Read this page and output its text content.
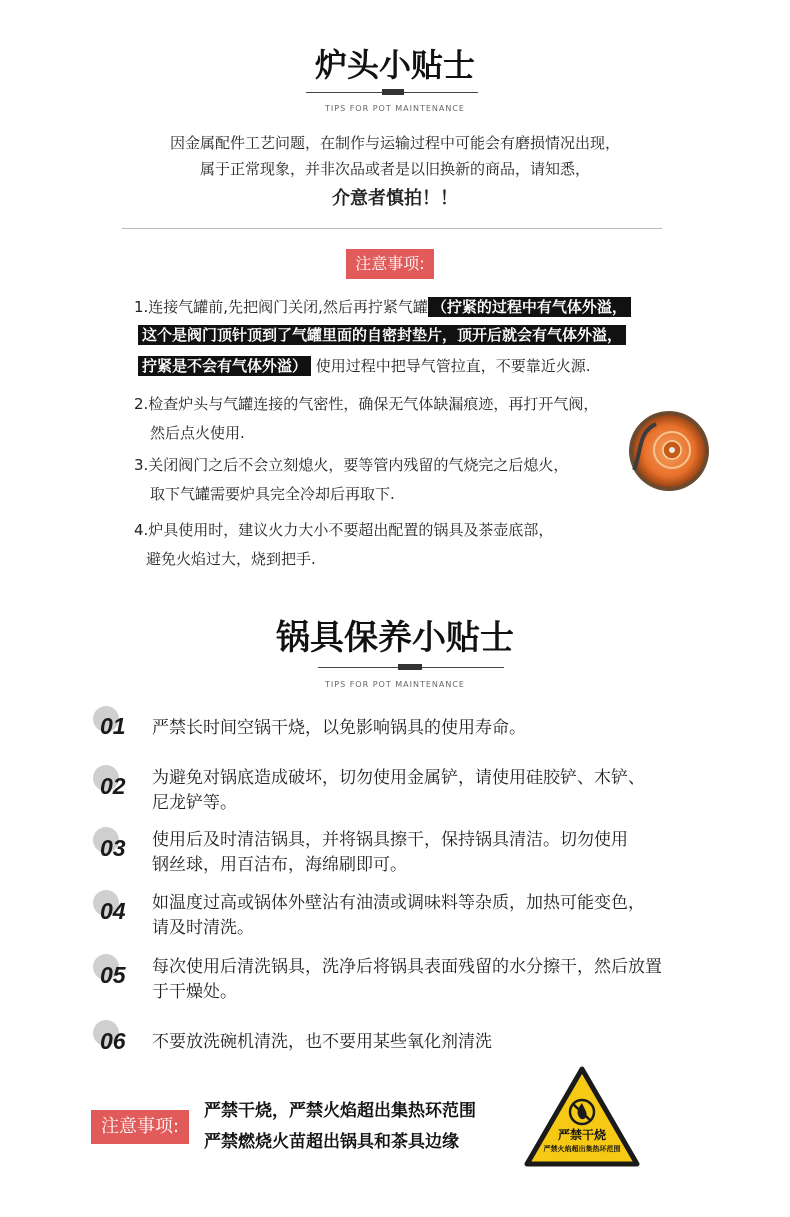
炉头小贴士
TIPS FOR POT MAINTENANCE
因金属配件工艺问题，在制作与运输过程中可能会有磨损情况出现，
属于正常现象，并非次品或者是以旧换新的商品，请知悉，
介意者慎拍！！
注意事项:
1.连接气罐前,先把阀门关闭,然后再拧紧气罐 （拧紧的过程中有气体外溢，
这个是阀门顶针顶到了气罐里面的自密封垫片，顶开后就会有气体外溢，
拧紧是不会有气体外溢） 使用过程中把导气管拉直，不要靠近火源.
2.检查炉头与气罐连接的气密性，确保无气体缺漏痕迹，再打开气阀，
然后点火使用.
3.关闭阀门之后不会立刻熄火，要等管内残留的气烧完之后熄火，
取下气罐需要炉具完全冷却后再取下.
4.炉具使用时，建议火力大小不要超出配置的锅具及茶壶底部，
避免火焰过大，烧到把手.
锅具保养小贴士
TIPS FOR POT MAINTENANCE
01 严禁长时间空锅干烧，以免影响锅具的使用寿命。
02 为避免对锅底造成破坏，切勿使用金属铲，请使用硅胶铲、木铲、
尼龙铲等。
03 使用后及时清洁锅具，并将锅具擦干，保持锅具清洁。切勿使用
钢丝球，用百洁布，海绵刷即可。
04 如温度过高或锅体外壁沾有油渍或调味料等杂质，加热可能变色，
请及时清洗。
05 每次使用后清洗锅具，洗净后将锅具表面残留的水分擦干，然后放置
于干燥处。
06 不要放洗碗机清洗，也不要用某些氧化剂清洗
注意事项:
严禁干烧，严禁火焰超出集热环范围
严禁燃烧火苗超出锅具和茶具边缘	严禁干烧
严禁火焰超出集热环范围
